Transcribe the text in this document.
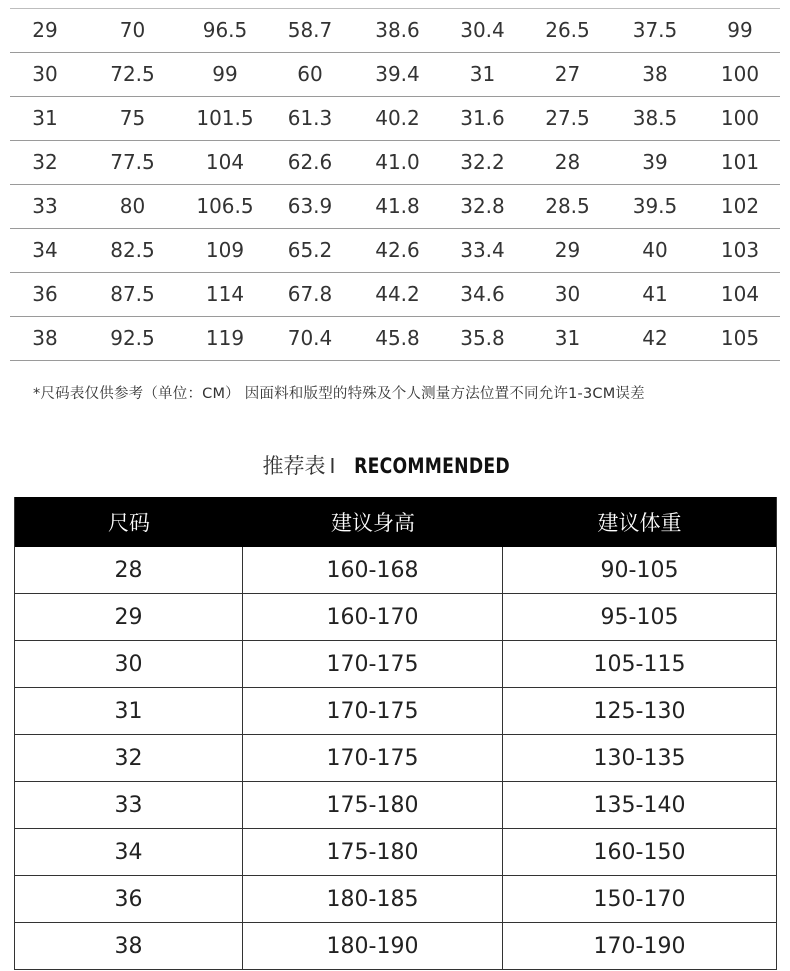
29	70	96.5	58.7	38.6	30.4	26.5	37.5	99
30	72.5	99	60	39.4	31	27	38	100
31	75	101.5	61.3	40.2	31.6	27.5	38.5	100
32	77.5	104	62.6	41.0	32.2	28	39	101
33	80	106.5	63.9	41.8	32.8	28.5	39.5	102
34	82.5	109	65.2	42.6	33.4	29	40	103
36	87.5	114	67.8	44.2	34.6	30	41	104
38	92.5	119	70.4	45.8	35.8	31	42	105
*尺码表仅供参考（单位：CM） 因面料和版型的特殊及个人测量方法位置不同允许1-3CM误差
推荐表 I RECOMMENDED
尺码	建议身高	建议体重
28	160-168	90-105
29	160-170	95-105
30	170-175	105-115
31	170-175	125-130
32	170-175	130-135
33	175-180	135-140
34	175-180	160-150
36	180-185	150-170
38	180-190	170-190
